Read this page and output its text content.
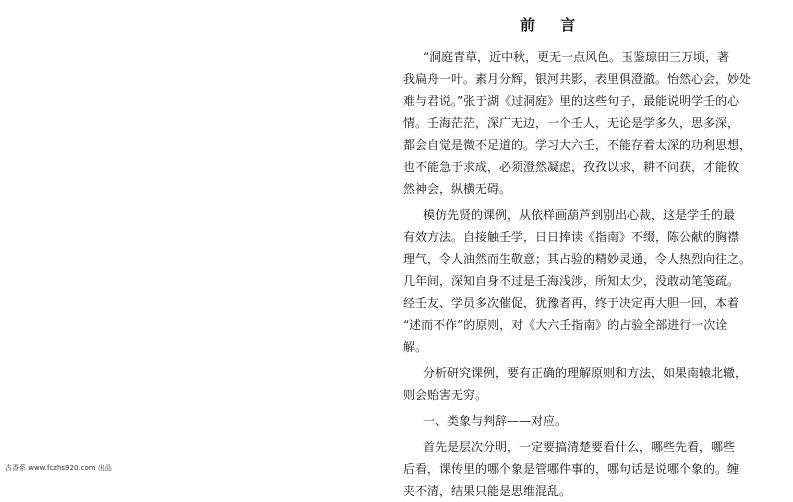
前 言
“洞庭青草，近中秋，更无一点风色。玉鉴琼田三万顷，著
我扁舟一叶。素月分辉，银河共影，表里俱澄澈。怡然心会，妙处
难与君说。”张于湖《过洞庭》里的这些句子，最能说明学壬的心
情。壬海茫茫，深广无边，一个壬人，无论是学多久，思多深，
都会自觉是微不足道的。学习大六壬，不能存着太深的功利思想，
也不能急于求成，必须澄然凝虑，孜孜以求，耕不问获，才能攸
然神会，纵横无碍。
模仿先贤的课例，从依样画葫芦到别出心裁，这是学壬的最
有效方法。自接触壬学，日日捧读《指南》不缀，陈公献的胸襟
理气，令人油然而生敬意；其占验的精妙灵通，令人热烈向往之。
几年间，深知自身不过是壬海浅涉，所知太少，没敢动笔笺疏。
经壬友、学员多次催促，犹豫者再，终于决定再大胆一回，本着
“述而不作”的原则，对《大六壬指南》的占验全部进行一次诠
解。
分析研究课例，要有正确的理解原则和方法，如果南辕北辙，
则会贻害无穷。
一、类象与判辞——对应。
首先是层次分明，一定要搞清楚要看什么，哪些先看，哪些
后看，课传里的哪个象是管哪件事的，哪句话是说哪个象的。缠
夹不清，结果只能是思维混乱。
古香系 www.fczhs920.com 出品
